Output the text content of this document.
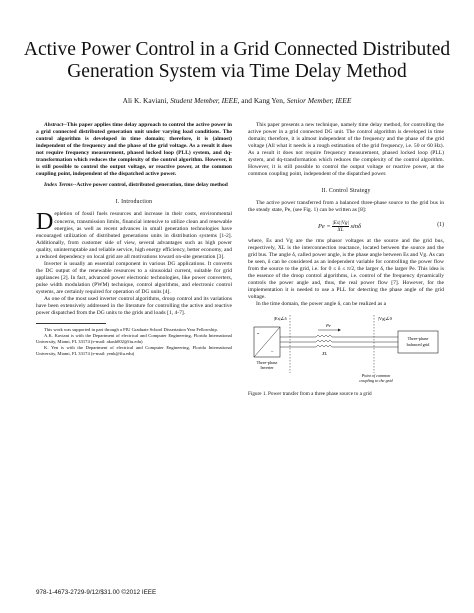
Active Power Control in a Grid Connected Distributed Generation System via Time Delay Method
Ali K. Kaviani, Student Member, IEEE, and Kang Yen, Senior Member, IEEE

Abstract--This paper applies time delay approach to control the active power in a grid connected distributed generation unit under varying load conditions. The control algorithm is developed in time domain; therefore, it is (almost) independent of the frequency and the phase of the grid voltage. As a result it does not require frequency measurement, phased locked loop (PLL) system, and dq-transformation which reduces the complexity of the control algorithm. However, it is still possible to control the output voltage, or reactive power, at the common coupling point, independent of the dispatched active power.

Index Terms--Active power control, distributed generation, time delay method

I. Introduction

Depletion of fossil fuels resources and increase in their costs, environmental concerns, transmission limits, financial intensive to utilize clean and renewable energies, as well as recent advances in small generation technologies have encouraged utilization of distributed generations units in distribution systems [1-2]. Additionally, from customer side of view, several advantages such as high power quality, uninterruptable and reliable service, high energy efficiency, better economy, and a reduced dependency on local grid are all motivations toward on-site generation [3].

Inverter is usually an essential component in various DG applications. It converts the DC output of the renewable resources to a sinusoidal current, suitable for grid appliances [2]. In fact, advanced power electronic technologies, like power converters, pulse width modulation (PWM) technique, control algorithms, and electronic control systems, are certainly required for operation of DG units [4].

As one of the most used inverter control algorithms, droop control and its variations have been extensively addressed in the literature for controlling the active and reactive power dispatched from the DG units to the grids and loads [1, 4-7].

This work was supported in part through a FIU Graduate School Dissertation Year Fellowship.

A.K. Kaviani is with the Department of electrical and Computer Engineering, Florida International University, Miami, FL 33174 (e-mail: akash002@fiu.edu)

K. Yen is with the Department of electrical and Computer Engineering, Florida International University, Miami, FL 33174 (e-mail: yenk@fiu.edu)

This paper presents a new technique, namely time delay method, for controlling the active power in a grid connected DG unit. The control algorithm is developed in time domain; therefore, it is almost independent of the frequency and the phase of the grid voltage (All what it needs is a rough estimation of the grid frequency, i.e. 50 or 60 Hz). As a result it does not require frequency measurement, phased locked loop (PLL) system, and dq-transformation which reduces the complexity of the control algorithm. However, it is still possible to control the output voltage or reactive power, at the common coupling point, independent of the dispatched power.

II. Control Strategy

The active power transferred from a balanced three-phase source to the grid bus in the steady state, Pe, (see Fig. 1) can be written as [8]:

$Pe = \frac{|Es||Vg|}{XL}$ sinδ	(1)

where, Es and Vg are the rms phasor voltages at the source and the grid bus, respectively, XL is the interconnection reactance, located between the source and the grid bus. The angle δ, called power angle, is the phase angle between Es and Vg. As can be seen, δ can be considered as an independent variable for controlling the power flow from the source to the grid, i.e. for 0 ≤ δ ≤ π/2, the larger δ, the larger Pe. This idea is the essence of the droop control algorithms, i.e. control of the frequency dynamically controls the power angle and, thus, the real power flow [7]. However, for the implementation it is needed to use a PLL for detecting the phase angle of the grid voltage.

In the time domain, the power angle δ, can be realized as a

|Es|∠δ	|Vg|∠0
=
~
Pe
XL
Three-phase
balanced grid
Three-phase
Inverter
Point of common
coupling to the grid

Figure 1. Power transfer from a three phase source to a grid

978-1-4673-2729-9/12/$31.00 ©2012 IEEE
